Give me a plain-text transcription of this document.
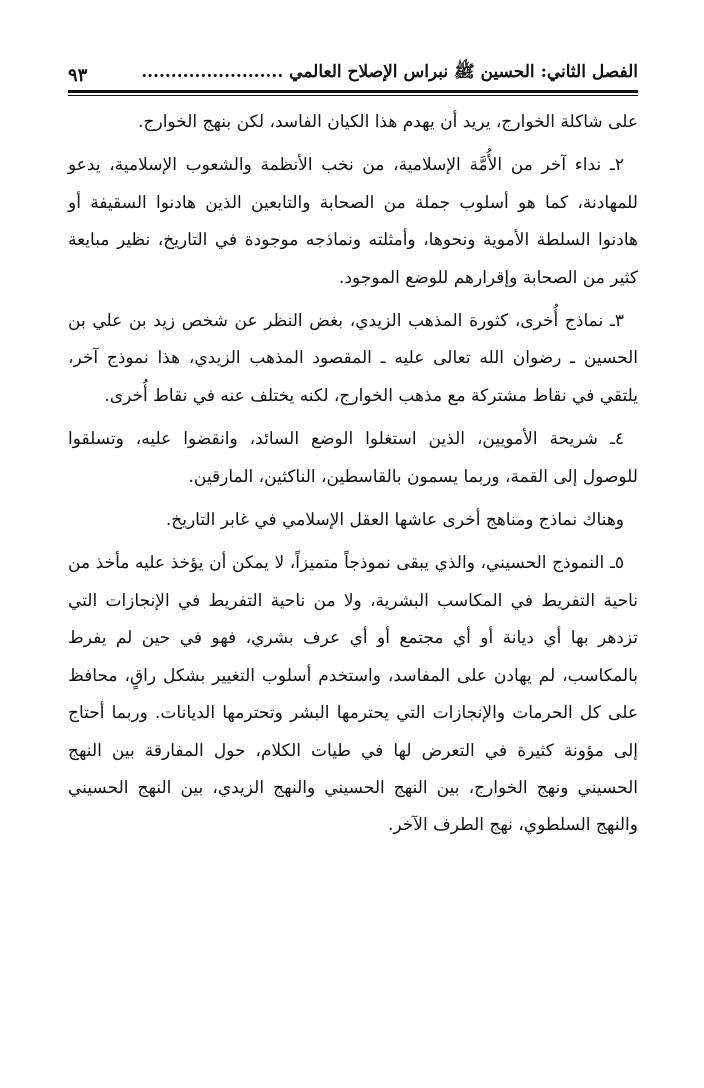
الفصل الثاني: الحسين ﷺ نبراس الإصلاح العالمي ........................
٩٣

على شاكلة الخوارج، يريد أن يهدم هذا الكيان الفاسد، لكن بنهج الخوارج.

٢ـ نداء آخر من الأُمَّة الإسلامية، من نخب الأنظمة والشعوب الإسلامية، يدعو للمهادنة، كما هو أسلوب جملة من الصحابة والتابعين الذين هادنوا السقيفة أو هادنوا السلطة الأموية ونحوها، وأمثلته ونماذجه موجودة في التاريخ، نظير مبايعة كثير من الصحابة وإقرارهم للوضع الموجود.

٣ـ نماذج أُخرى، كثورة المذهب الزيدي، بغض النظر عن شخص زيد بن علي بن الحسين ـ رضوان الله تعالى عليه ـ المقصود المذهب الزيدي، هذا نموذج آخر، يلتقي في نقاط مشتركة مع مذهب الخوارج، لكنه يختلف عنه في نقاط أُخرى.

٤ـ شريحة الأمويين، الذين استغلوا الوضع السائد، وانقضوا عليه، وتسلقوا للوصول إلى القمة، وربما يسمون بالقاسطين، الناكثين، المارقين.

وهناك نماذج ومناهج أخرى عاشها العقل الإسلامي في غابر التاريخ.

٥ـ النموذج الحسيني، والذي يبقى نموذجاً متميزاً، لا يمكن أن يؤخذ عليه مأخذ من ناحية التفريط في المكاسب البشرية، ولا من ناحية التفريط في الإنجازات التي تزدهر بها أي ديانة أو أي مجتمع أو أي عرف بشري، فهو في حين لم يفرط بالمكاسب، لم يهادن على المفاسد، واستخدم أسلوب التغيير بشكل راقٍ، محافظ على كل الحرمات والإنجازات التي يحترمها البشر وتحترمها الديانات. وربما أحتاج إلى مؤونة كثيرة في التعرض لها في طيات الكلام، حول المفارقة بين النهج الحسيني ونهج الخوارج، بين النهج الحسيني والنهج الزيدي، بين النهج الحسيني والنهج السلطوي، نهج الطرف الآخر.
